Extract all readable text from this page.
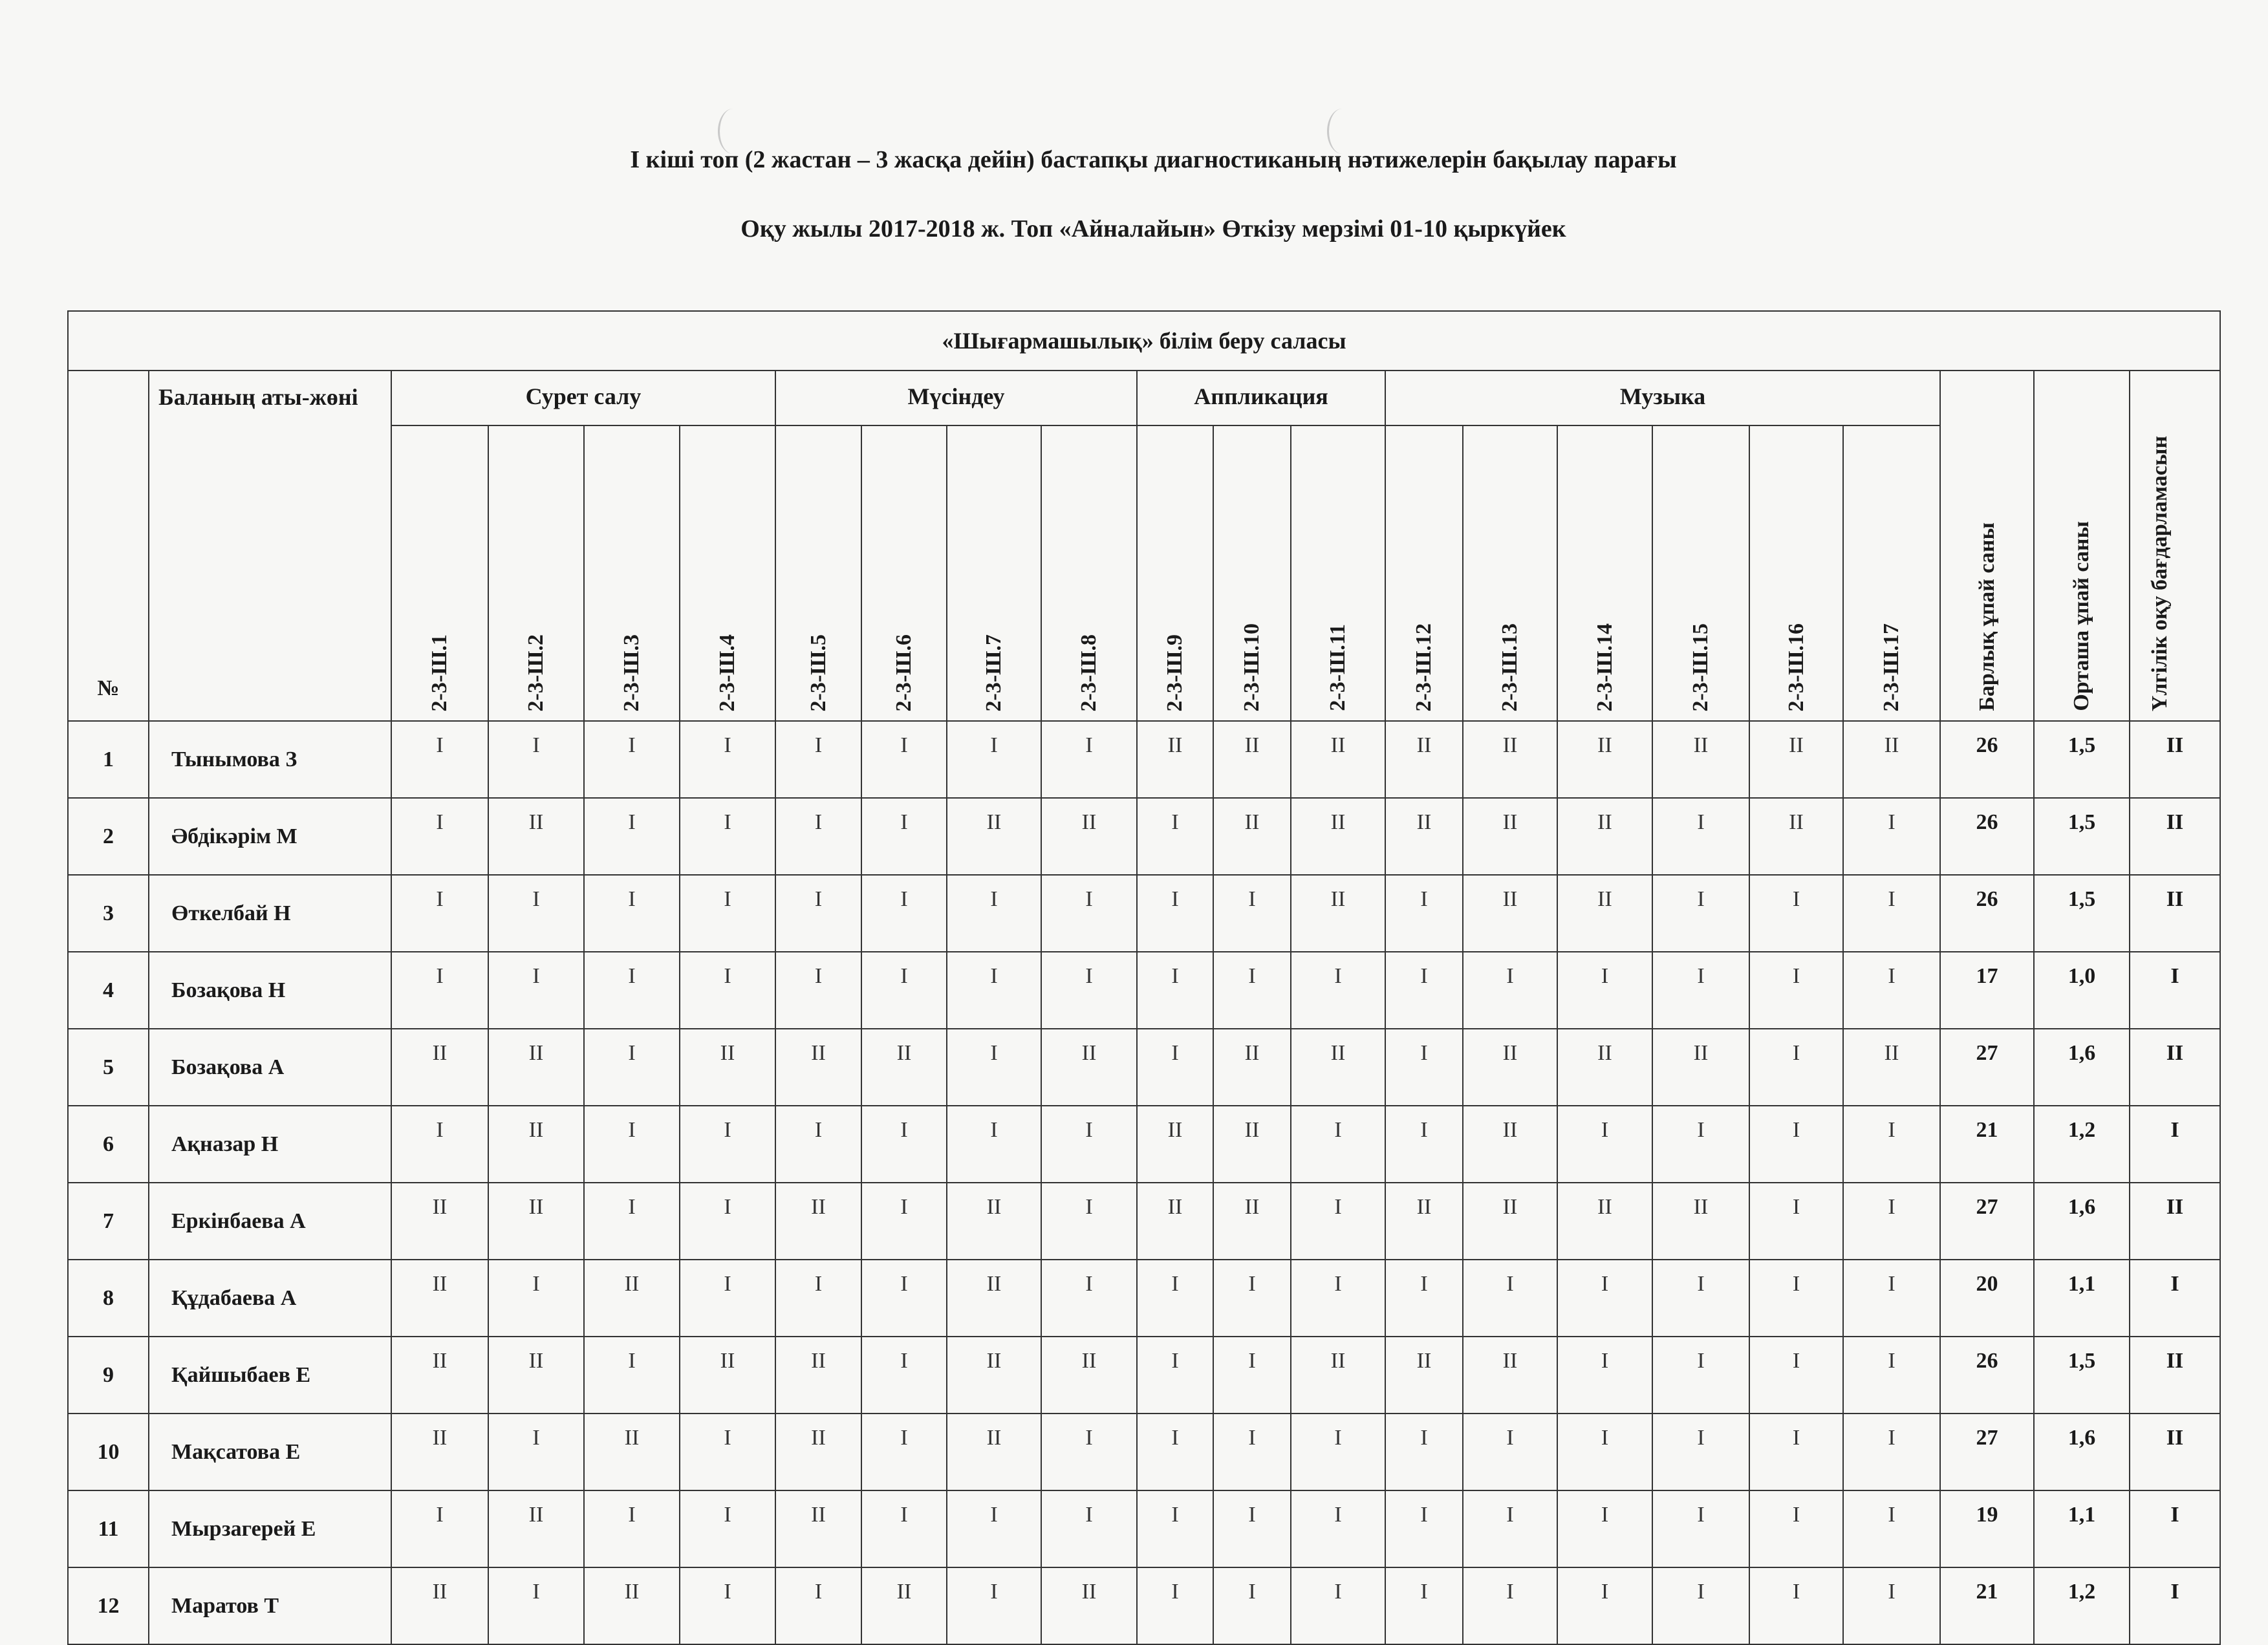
І кіші топ (2 жастан – 3 жасқа дейін) бастапқы диагностиканың нәтижелерін бақылау парағы
Оқу жылы 2017-2018 ж. Топ «Айналайын» Өткізу мерзімі 01-10 қыркүйек
«Шығармашылық» білім беру саласы																					
№	Баланың аты-жөні	Сурет салу				Мүсіндеу				Аппликация			Музыка						Барлық ұпай саны	Орташа ұпай саны	Үлгілік оқу бағдарламасын

		2-3-Ш.1	2-3-Ш.2	2-3-Ш.3	2-3-Ш.4	2-3-Ш.5	2-3-Ш.6	2-3-Ш.7	2-3-Ш.8	2-3-Ш.9	2-3-Ш.10	2-3-Ш.11	2-3-Ш.12	2-3-Ш.13	2-3-Ш.14	2-3-Ш.15	2-3-Ш.16	2-3-Ш.17			

1	Тынымова З	I	I	I	I	I	I	I	I	II	II	II	II	II	II	II	II	II	26	1,5	II
2	Әбдікәрім М	I	II	I	I	I	I	II	II	I	II	II	II	II	II	I	II	I	26	1,5	II
3	Өткелбай Н	I	I	I	I	I	I	I	I	I	I	II	I	II	II	I	I	I	26	1,5	II
4	Бозақова Н	I	I	I	I	I	I	I	I	I	I	I	I	I	I	I	I	I	17	1,0	I
5	Бозақова А	II	II	I	II	II	II	I	II	I	II	II	I	II	II	II	I	II	27	1,6	II
6	Ақназар Н	I	II	I	I	I	I	I	I	II	II	I	I	II	I	I	I	I	21	1,2	I
7	Еркінбаева А	II	II	I	I	II	I	II	I	II	II	I	II	II	II	II	I	I	27	1,6	II
8	Құдабаева А	II	I	II	I	I	I	II	I	I	I	I	I	I	I	I	I	I	20	1,1	I
9	Қайшыбаев Е	II	II	I	II	II	I	II	II	I	I	II	II	II	I	I	I	I	26	1,5	II
10	Мақсатова Е	II	I	II	I	II	I	II	I	I	I	I	I	I	I	I	I	I	27	1,6	II
11	Мырзагерей Е	I	II	I	I	II	I	I	I	I	I	I	I	I	I	I	I	I	19	1,1	I
12	Маратов Т	II	I	II	I	I	II	I	II	I	I	I	I	I	I	I	I	I	21	1,2	I
